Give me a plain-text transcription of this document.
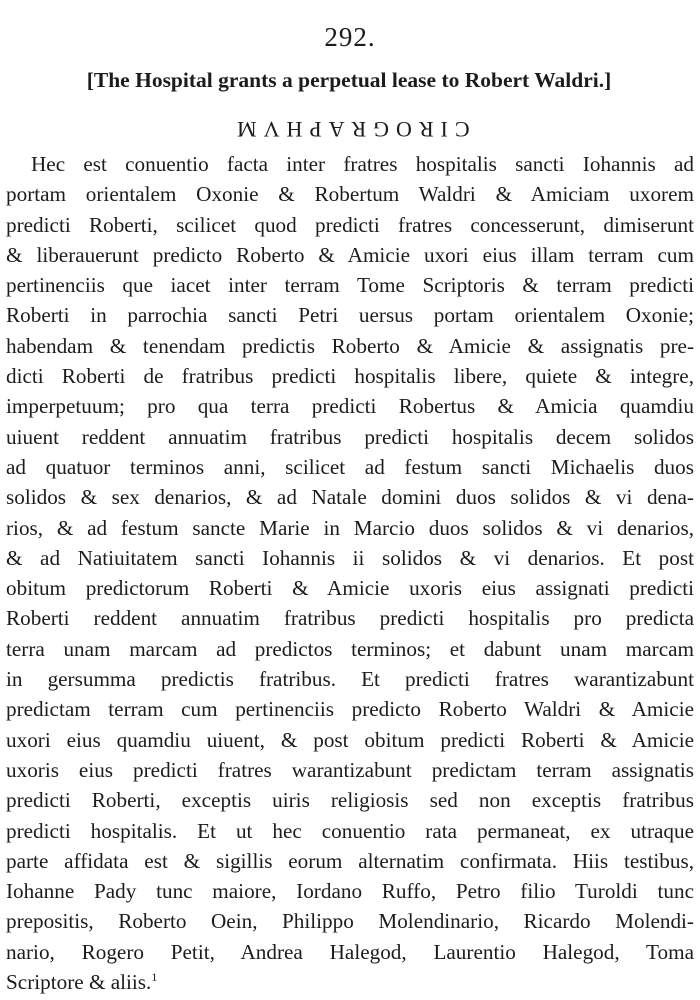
292.
[The Hospital grants a perpetual lease to Robert Waldri.]
CIROGRAPHVM
Hec est conuentio facta inter fratres hospitalis sancti Iohannis ad
portam orientalem Oxonie & Robertum Waldri & Amiciam uxorem
predicti Roberti, scilicet quod predicti fratres concesserunt, dimiserunt
& liberauerunt predicto Roberto & Amicie uxori eius illam terram cum
pertinenciis que iacet inter terram Tome Scriptoris & terram predicti
Roberti in parrochia sancti Petri uersus portam orientalem Oxonie;
habendam & tenendam predictis Roberto & Amicie & assignatis pre-
dicti Roberti de fratribus predicti hospitalis libere, quiete & integre,
imperpetuum; pro qua terra predicti Robertus & Amicia quamdiu
uiuent reddent annuatim fratribus predicti hospitalis decem solidos
ad quatuor terminos anni, scilicet ad festum sancti Michaelis duos
solidos & sex denarios, & ad Natale domini duos solidos & vi dena-
rios, & ad festum sancte Marie in Marcio duos solidos & vi denarios,
& ad Natiuitatem sancti Iohannis ii solidos & vi denarios. Et post
obitum predictorum Roberti & Amicie uxoris eius assignati predicti
Roberti reddent annuatim fratribus predicti hospitalis pro predicta
terra unam marcam ad predictos terminos; et dabunt unam marcam
in gersumma predictis fratribus. Et predicti fratres warantizabunt
predictam terram cum pertinenciis predicto Roberto Waldri & Amicie
uxori eius quamdiu uiuent, & post obitum predicti Roberti & Amicie
uxoris eius predicti fratres warantizabunt predictam terram assignatis
predicti Roberti, exceptis uiris religiosis sed non exceptis fratribus
predicti hospitalis. Et ut hec conuentio rata permaneat, ex utraque
parte affidata est & sigillis eorum alternatim confirmata. Hiis testibus,
Iohanne Pady tunc maiore, Iordano Ruffo, Petro filio Turoldi tunc
prepositis, Roberto Oein, Philippo Molendinario, Ricardo Molendi-
nario, Rogero Petit, Andrea Halegod, Laurentio Halegod, Toma
Scriptore & aliis.$^1$
